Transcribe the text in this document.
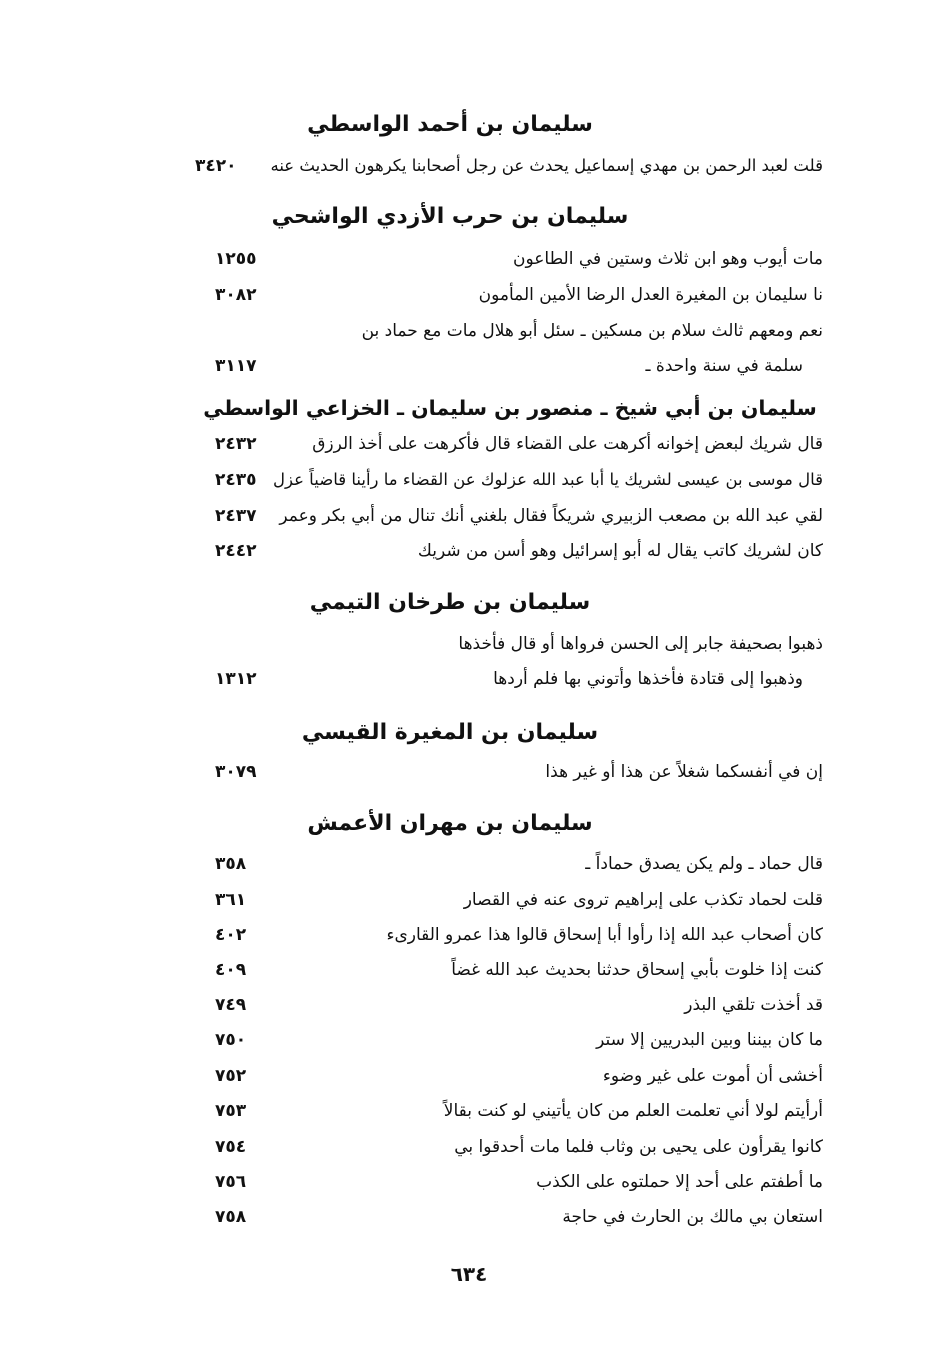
سليمان بن أحمد الواسطي
قلت لعبد الرحمن بن مهدي إسماعيل يحدث عن رجل أصحابنا يكرهون الحديث عنه
٣٤٢٠
سليمان بن حرب الأزدي الواشحي
مات أيوب وهو ابن ثلاث وستين في الطاعون
١٢٥٥
نا سليمان بن المغيرة العدل الرضا الأمين المأمون
٣٠٨٢
نعم ومعهم ثالث سلام بن مسكين ـ سئل أبو هلال مات مع حماد بن
سلمة في سنة واحدة ـ
٣١١٧
سليمان بن أبي شيخ ـ منصور بن سليمان ـ الخزاعي الواسطي
قال شريك لبعض إخوانه أكرهت على القضاء قال فأكرهت على أخذ الرزق
٢٤٣٢
قال موسى بن عيسى لشريك يا أبا عبد الله عزلوك عن القضاء ما رأينا قاضياً عزل
٢٤٣٥
لقي عبد الله بن مصعب الزبيري شريكاً فقال بلغني أنك تنال من أبي بكر وعمر
٢٤٣٧
كان لشريك كاتب يقال له أبو إسرائيل وهو أسن من شريك
٢٤٤٢
سليمان بن طرخان التيمي
ذهبوا بصحيفة جابر إلى الحسن فرواها أو قال فأخذها
وذهبوا إلى قتادة فأخذها وأتوني بها فلم أردها
١٣١٢
سليمان بن المغيرة القيسي
إن في أنفسكما شغلاً عن هذا أو غير هذا
٣٠٧٩
سليمان بن مهران الأعمش
قال حماد ـ ولم يكن يصدق حماداً ـ
٣٥٨
قلت لحماد تكذب على إبراهيم تروى عنه في القصار
٣٦١
كان أصحاب عبد الله إذا رأوا أبا إسحاق قالوا هذا عمرو القارىء
٤٠٢
كنت إذا خلوت بأبي إسحاق حدثنا بحديث عبد الله غضاً
٤٠٩
قد أخذت تلقي البذر
٧٤٩
ما كان بيننا وبين البدريين إلا ستر
٧٥٠
أخشى أن أموت على غير وضوء
٧٥٢
أرأيتم لولا أني تعلمت العلم من كان يأتيني لو كنت بقالاً
٧٥٣
كانوا يقرأون على يحيى بن وثاب فلما مات أحدقوا بي
٧٥٤
ما أطفتم على أحد إلا حملتوه على الكذب
٧٥٦
استعان بي مالك بن الحارث في حاجة
٧٥٨
٦٣٤
